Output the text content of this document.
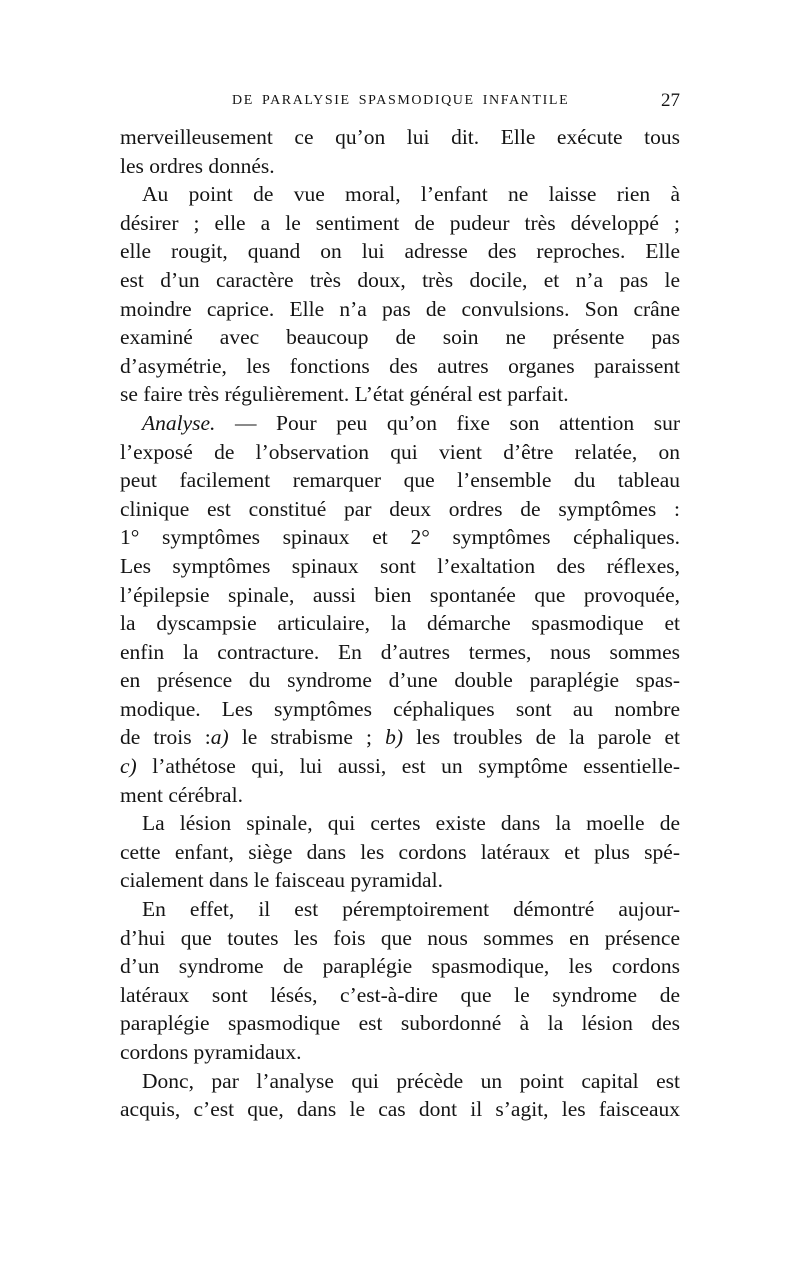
DE PARALYSIE SPASMODIQUE INFANTILE	27
merveilleusement ce qu’on lui dit. Elle exécute tous
les ordres donnés.
Au point de vue moral, l’enfant ne laisse rien à
désirer ; elle a le sentiment de pudeur très développé ;
elle rougit, quand on lui adresse des reproches. Elle
est d’un caractère très doux, très docile, et n’a pas le
moindre caprice. Elle n’a pas de convulsions. Son crâne
examiné avec beaucoup de soin ne présente pas
d’asymétrie, les fonctions des autres organes paraissent
se faire très régulièrement. L’état général est parfait.
Analyse. — Pour peu qu’on fixe son attention sur
l’exposé de l’observation qui vient d’être relatée, on
peut facilement remarquer que l’ensemble du tableau
clinique est constitué par deux ordres de symptômes :
1° symptômes spinaux et 2° symptômes céphaliques.
Les symptômes spinaux sont l’exaltation des réflexes,
l’épilepsie spinale, aussi bien spontanée que provoquée,
la dyscampsie articulaire, la démarche spasmodique et
enfin la contracture. En d’autres termes, nous sommes
en présence du syndrome d’une double paraplégie spas-
modique. Les symptômes céphaliques sont au nombre
de trois :a) le strabisme ; b) les troubles de la parole et
c) l’athétose qui, lui aussi, est un symptôme essentielle-
ment cérébral.
La lésion spinale, qui certes existe dans la moelle de
cette enfant, siège dans les cordons latéraux et plus spé-
cialement dans le faisceau pyramidal.
En effet, il est péremptoirement démontré aujour-
d’hui que toutes les fois que nous sommes en présence
d’un syndrome de paraplégie spasmodique, les cordons
latéraux sont lésés, c’est-à-dire que le syndrome de
paraplégie spasmodique est subordonné à la lésion des
cordons pyramidaux.
Donc, par l’analyse qui précède un point capital est
acquis, c’est que, dans le cas dont il s’agit, les faisceaux
